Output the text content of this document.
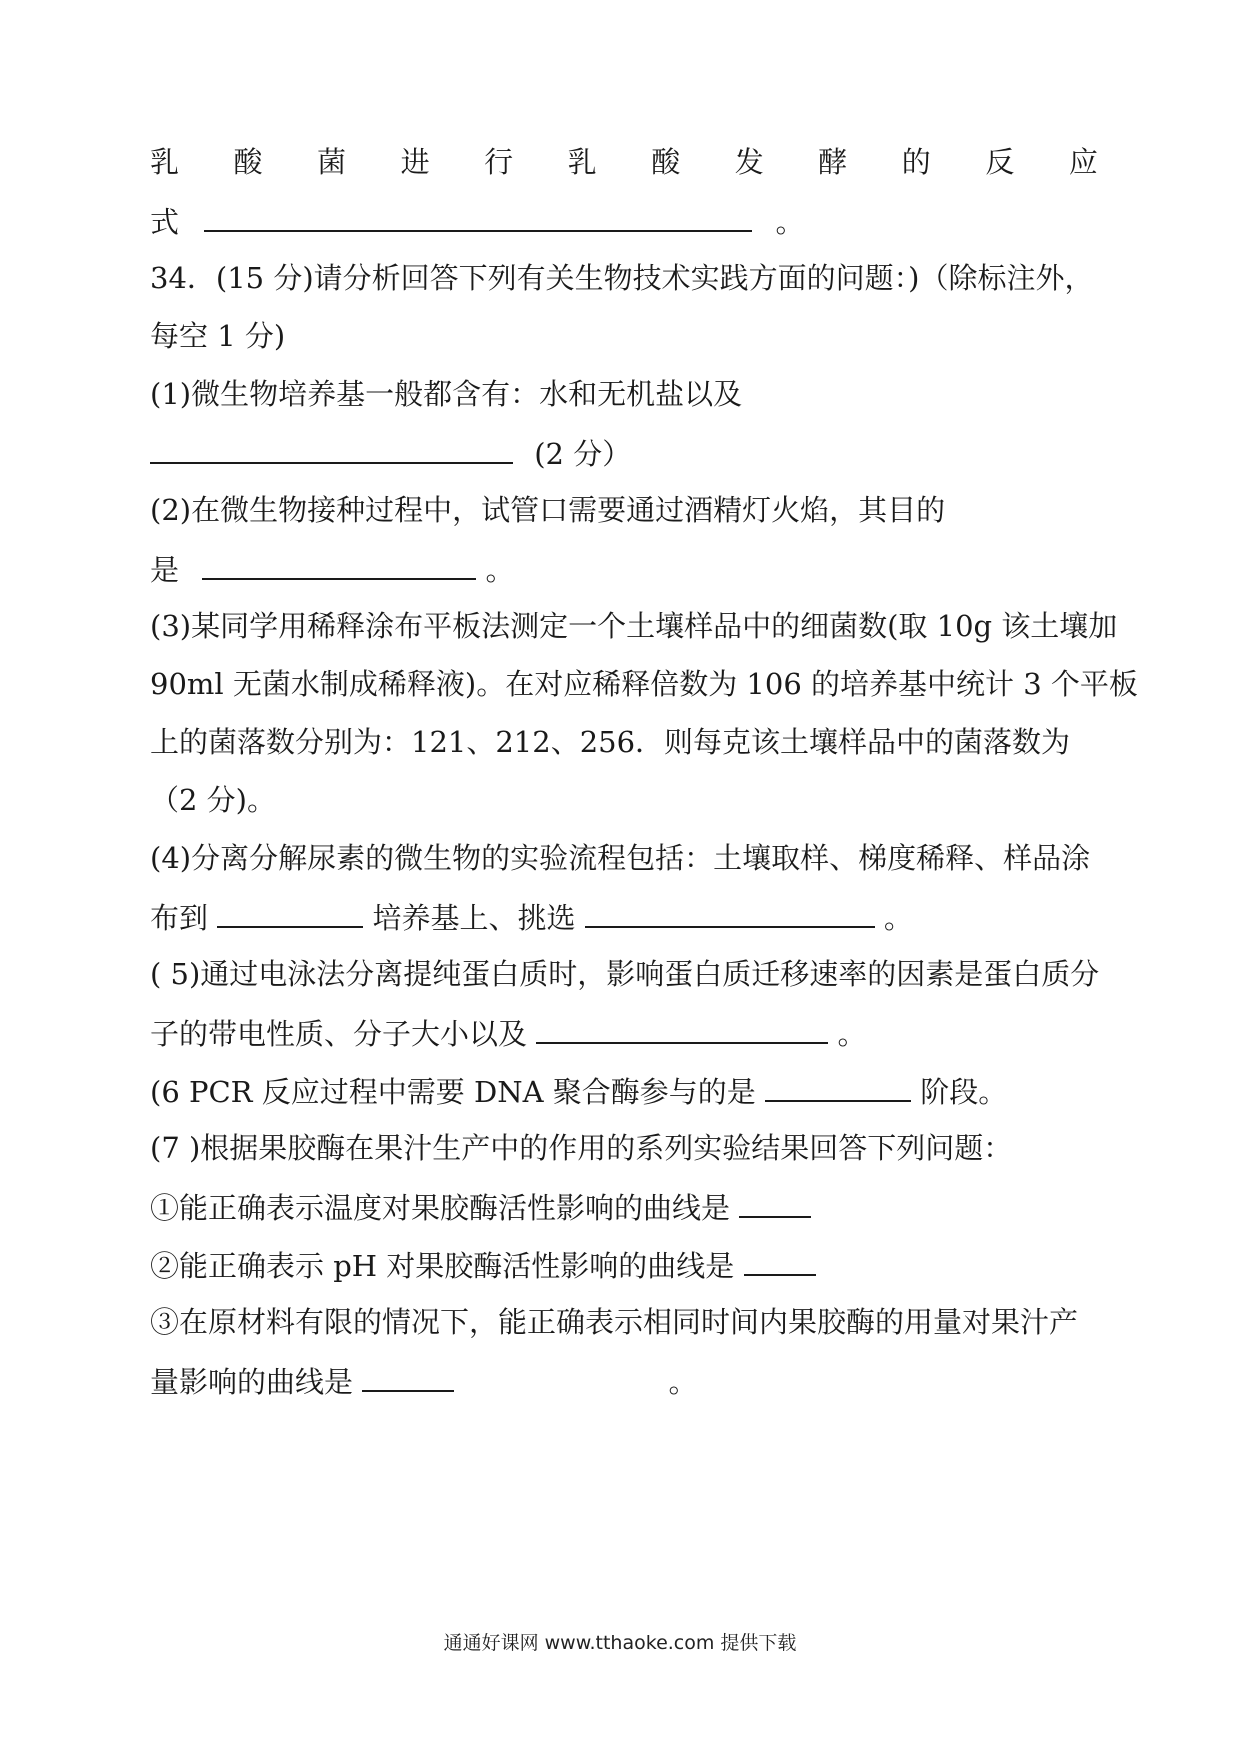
乳 酸 菌 进 行 乳 酸 发 酵 的 反 应
式	。
34．(15 分)请分析回答下列有关生物技术实践方面的问题：)（除标注外，
每空 1 分)
(1)微生物培养基一般都含有：水和无机盐以及
(2 分）
(2)在微生物接种过程中，试管口需要通过酒精灯火焰，其目的
是	。
(3)某同学用稀释涂布平板法测定一个土壤样品中的细菌数(取 10g 该土壤加
90ml 无菌水制成稀释液)。在对应稀释倍数为 106 的培养基中统计 3 个平板
上的菌落数分别为：121、212、256．则每克该土壤样品中的菌落数为
（2 分)。
(4)分离分解尿素的微生物的实验流程包括：土壤取样、梯度稀释、样品涂
布到	培养基上、挑选	。
( 5)通过电泳法分离提纯蛋白质时，影响蛋白质迁移速率的因素是蛋白质分
子的带电性质、分子大小以及	。
(6 PCR 反应过程中需要 DNA 聚合酶参与的是	阶段。
(7 )根据果胶酶在果汁生产中的作用的系列实验结果回答下列问题：
①能正确表示温度对果胶酶活性影响的曲线是
②能正确表示 pH 对果胶酶活性影响的曲线是
③在原材料有限的情况下，能正确表示相同时间内果胶酶的用量对果汁产
量影响的曲线是	。
通通好课网 www.tthaoke.com 提供下载
